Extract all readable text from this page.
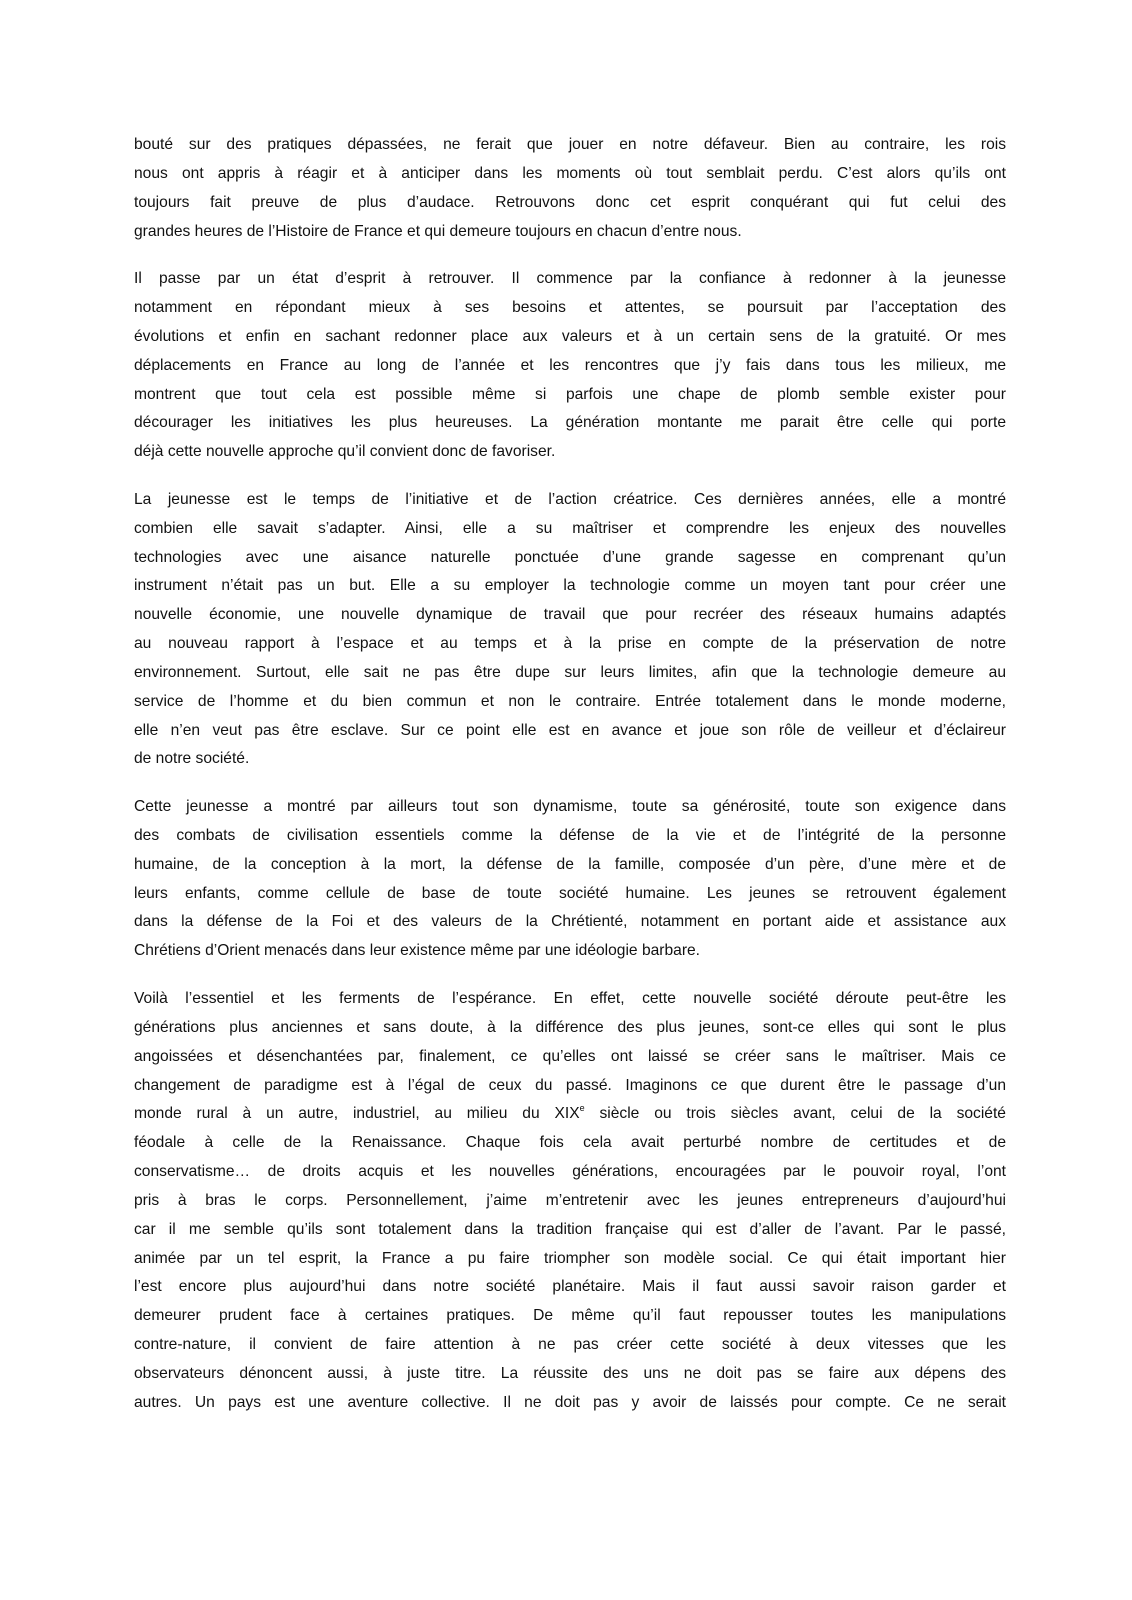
bouté sur des pratiques dépassées, ne ferait que jouer en notre défaveur. Bien au contraire, les rois
nous ont appris à réagir et à anticiper dans les moments où tout semblait perdu. C’est alors qu’ils ont
toujours fait preuve de plus d’audace. Retrouvons donc cet esprit conquérant qui fut celui des
grandes heures de l’Histoire de France et qui demeure toujours en chacun d’entre nous.
Il passe par un état d’esprit à retrouver. Il commence par la confiance à redonner à la jeunesse
notamment en répondant mieux à ses besoins et attentes, se poursuit par l’acceptation des
évolutions et enfin en sachant redonner place aux valeurs et à un certain sens de la gratuité. Or mes
déplacements en France au long de l’année et les rencontres que j’y fais dans tous les milieux, me
montrent que tout cela est possible même si parfois une chape de plomb semble exister pour
décourager les initiatives les plus heureuses. La génération montante me parait être celle qui porte
déjà cette nouvelle approche qu’il convient donc de favoriser.
La jeunesse est le temps de l’initiative et de l’action créatrice. Ces dernières années, elle a montré
combien elle savait s’adapter. Ainsi, elle a su maîtriser et comprendre les enjeux des nouvelles
technologies avec une aisance naturelle ponctuée d’une grande sagesse en comprenant qu’un
instrument n’était pas un but. Elle a su employer la technologie comme un moyen tant pour créer une
nouvelle économie, une nouvelle dynamique de travail que pour recréer des réseaux humains adaptés
au nouveau rapport à l’espace et au temps et à la prise en compte de la préservation de notre
environnement. Surtout, elle sait ne pas être dupe sur leurs limites, afin que la technologie demeure au
service de l’homme et du bien commun et non le contraire. Entrée totalement dans le monde moderne,
elle n’en veut pas être esclave. Sur ce point elle est en avance et joue son rôle de veilleur et d’éclaireur
de notre société.
Cette jeunesse a montré par ailleurs tout son dynamisme, toute sa générosité, toute son exigence dans
des combats de civilisation essentiels comme la défense de la vie et de l’intégrité de la personne
humaine, de la conception à la mort, la défense de la famille, composée d’un père, d’une mère et de
leurs enfants, comme cellule de base de toute société humaine. Les jeunes se retrouvent également
dans la défense de la Foi et des valeurs de la Chrétienté, notamment en portant aide et assistance aux
Chrétiens d’Orient menacés dans leur existence même par une idéologie barbare.
Voilà l’essentiel et les ferments de l’espérance. En effet, cette nouvelle société déroute peut-être les
générations plus anciennes et sans doute, à la différence des plus jeunes, sont-ce elles qui sont le plus
angoissées et désenchantées par, finalement, ce qu’elles ont laissé se créer sans le maîtriser. Mais ce
changement de paradigme est à l’égal de ceux du passé. Imaginons ce que durent être le passage d’un
monde rural à un autre, industriel, au milieu du XIXe siècle ou trois siècles avant, celui de la société
féodale à celle de la Renaissance. Chaque fois cela avait perturbé nombre de certitudes et de
conservatisme… de droits acquis et les nouvelles générations, encouragées par le pouvoir royal, l’ont
pris à bras le corps. Personnellement, j’aime m’entretenir avec les jeunes entrepreneurs d’aujourd’hui
car il me semble qu’ils sont totalement dans la tradition française qui est d’aller de l’avant. Par le passé,
animée par un tel esprit, la France a pu faire triompher son modèle social. Ce qui était important hier
l’est encore plus aujourd’hui dans notre société planétaire. Mais il faut aussi savoir raison garder et
demeurer prudent face à certaines pratiques. De même qu’il faut repousser toutes les manipulations
contre-nature, il convient de faire attention à ne pas créer cette société à deux vitesses que les
observateurs dénoncent aussi, à juste titre. La réussite des uns ne doit pas se faire aux dépens des
autres. Un pays est une aventure collective. Il ne doit pas y avoir de laissés pour compte. Ce ne serait
